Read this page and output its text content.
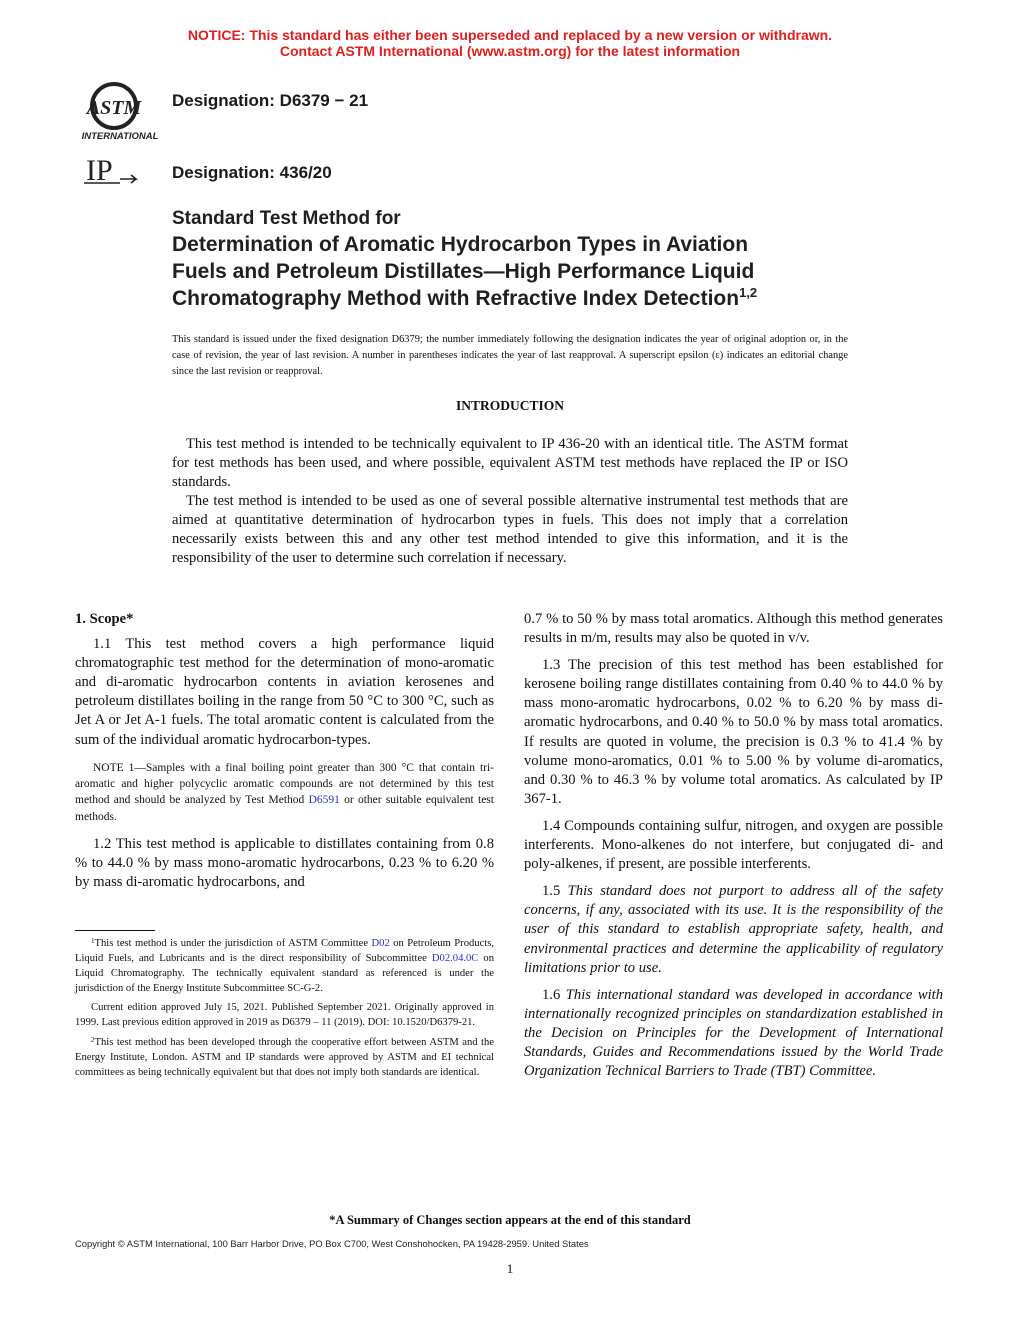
NOTICE: This standard has either been superseded and replaced by a new version or withdrawn.
Contact ASTM International (www.astm.org) for the latest information
ASTM
INTERNATIONAL
IP
Designation: D6379 − 21
Designation: 436/20
Standard Test Method for
Determination of Aromatic Hydrocarbon Types in Aviation
Fuels and Petroleum Distillates—High Performance Liquid
Chromatography Method with Refractive Index Detection$^{1,2}$
This standard is issued under the fixed designation D6379; the number immediately following the designation indicates the year of original adoption or, in the case of revision, the year of last revision. A number in parentheses indicates the year of last reapproval. A superscript epsilon (ε) indicates an editorial change since the last revision or reapproval.
INTRODUCTION

This test method is intended to be technically equivalent to IP 436-20 with an identical title. The ASTM format for test methods has been used, and where possible, equivalent ASTM test methods have replaced the IP or ISO standards.

The test method is intended to be used as one of several possible alternative instrumental test methods that are aimed at quantitative determination of hydrocarbon types in fuels. This does not imply that a correlation necessarily exists between this and any other test method intended to give this information, and it is the responsibility of the user to determine such correlation if necessary.

1. Scope*

1.1 This test method covers a high performance liquid chromatographic test method for the determination of mono-aromatic and di-aromatic hydrocarbon contents in aviation kerosenes and petroleum distillates boiling in the range from 50 °C to 300 °C, such as Jet A or Jet A-1 fuels. The total aromatic content is calculated from the sum of the individual aromatic hydrocarbon-types.

NOTE 1—Samples with a final boiling point greater than 300 °C that contain tri-aromatic and higher polycyclic aromatic compounds are not determined by this test method and should be analyzed by Test Method D6591 or other suitable equivalent test methods.

1.2 This test method is applicable to distillates containing from 0.8 % to 44.0 % by mass mono-aromatic hydrocarbons, 0.23 % to 6.20 % by mass di-aromatic hydrocarbons, and

$^1$This test method is under the jurisdiction of ASTM Committee D02 on Petroleum Products, Liquid Fuels, and Lubricants and is the direct responsibility of Subcommittee D02.04.0C on Liquid Chromatography. The technically equivalent standard as referenced is under the jurisdiction of the Energy Institute Subcommittee SC-G-2.

Current edition approved July 15, 2021. Published September 2021. Originally approved in 1999. Last previous edition approved in 2019 as D6379 – 11 (2019). DOI: 10.1520/D6379-21.

$^2$This test method has been developed through the cooperative effort between ASTM and the Energy Institute, London. ASTM and IP standards were approved by ASTM and EI technical committees as being technically equivalent but that does not imply both standards are identical.

0.7 % to 50 % by mass total aromatics. Although this method generates results in m/m, results may also be quoted in v/v.

1.3 The precision of this test method has been established for kerosene boiling range distillates containing from 0.40 % to 44.0 % by mass mono-aromatic hydrocarbons, 0.02 % to 6.20 % by mass di-aromatic hydrocarbons, and 0.40 % to 50.0 % by mass total aromatics. If results are quoted in volume, the precision is 0.3 % to 41.4 % by volume mono-aromatics, 0.01 % to 5.00 % by volume di-aromatics, and 0.30 % to 46.3 % by volume total aromatics. As calculated by IP 367-1.

1.4 Compounds containing sulfur, nitrogen, and oxygen are possible interferents. Mono-alkenes do not interfere, but conjugated di- and poly-alkenes, if present, are possible interferents.

1.5 This standard does not purport to address all of the safety concerns, if any, associated with its use. It is the responsibility of the user of this standard to establish appropriate safety, health, and environmental practices and determine the applicability of regulatory limitations prior to use.

1.6 This international standard was developed in accordance with internationally recognized principles on standardization established in the Decision on Principles for the Development of International Standards, Guides and Recommendations issued by the World Trade Organization Technical Barriers to Trade (TBT) Committee.

*A Summary of Changes section appears at the end of this standard
Copyright © ASTM International, 100 Barr Harbor Drive, PO Box C700, West Conshohocken, PA 19428-2959. United States
1
